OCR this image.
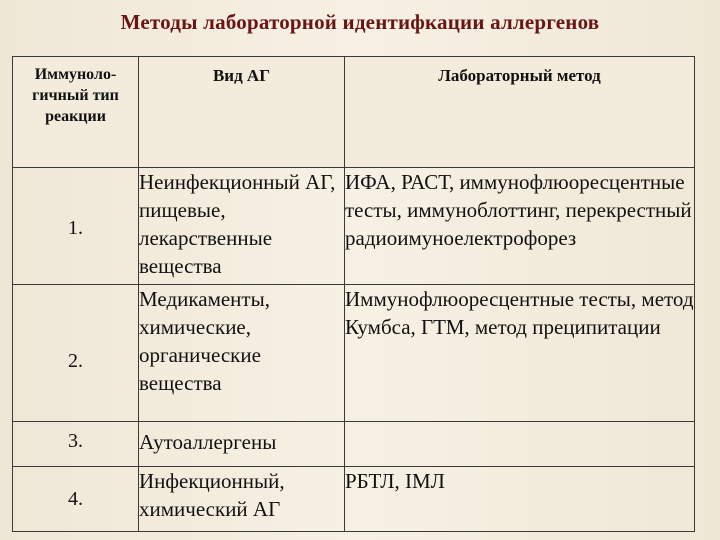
Методы лабораторной идентифкации аллергенов
Иммуноло- гичный тип реакции	Вид АГ	Лабораторный метод
1.	Неинфекционный АГ, пищевые, лекарственные вещества	ИФА, РАСТ, иммунофлюоресцентные тесты, иммуноблоттинг, перекрестный радиоимуноелектрофорез
2.	Медикаменты, химические, органические вещества	Иммунофлюоресцентные тесты, метод Кумбса, ГТМ, метод преципитации
3.	Аутоаллергены	
4.	Инфекционный, химический АГ	РБТЛ, IМЛ
